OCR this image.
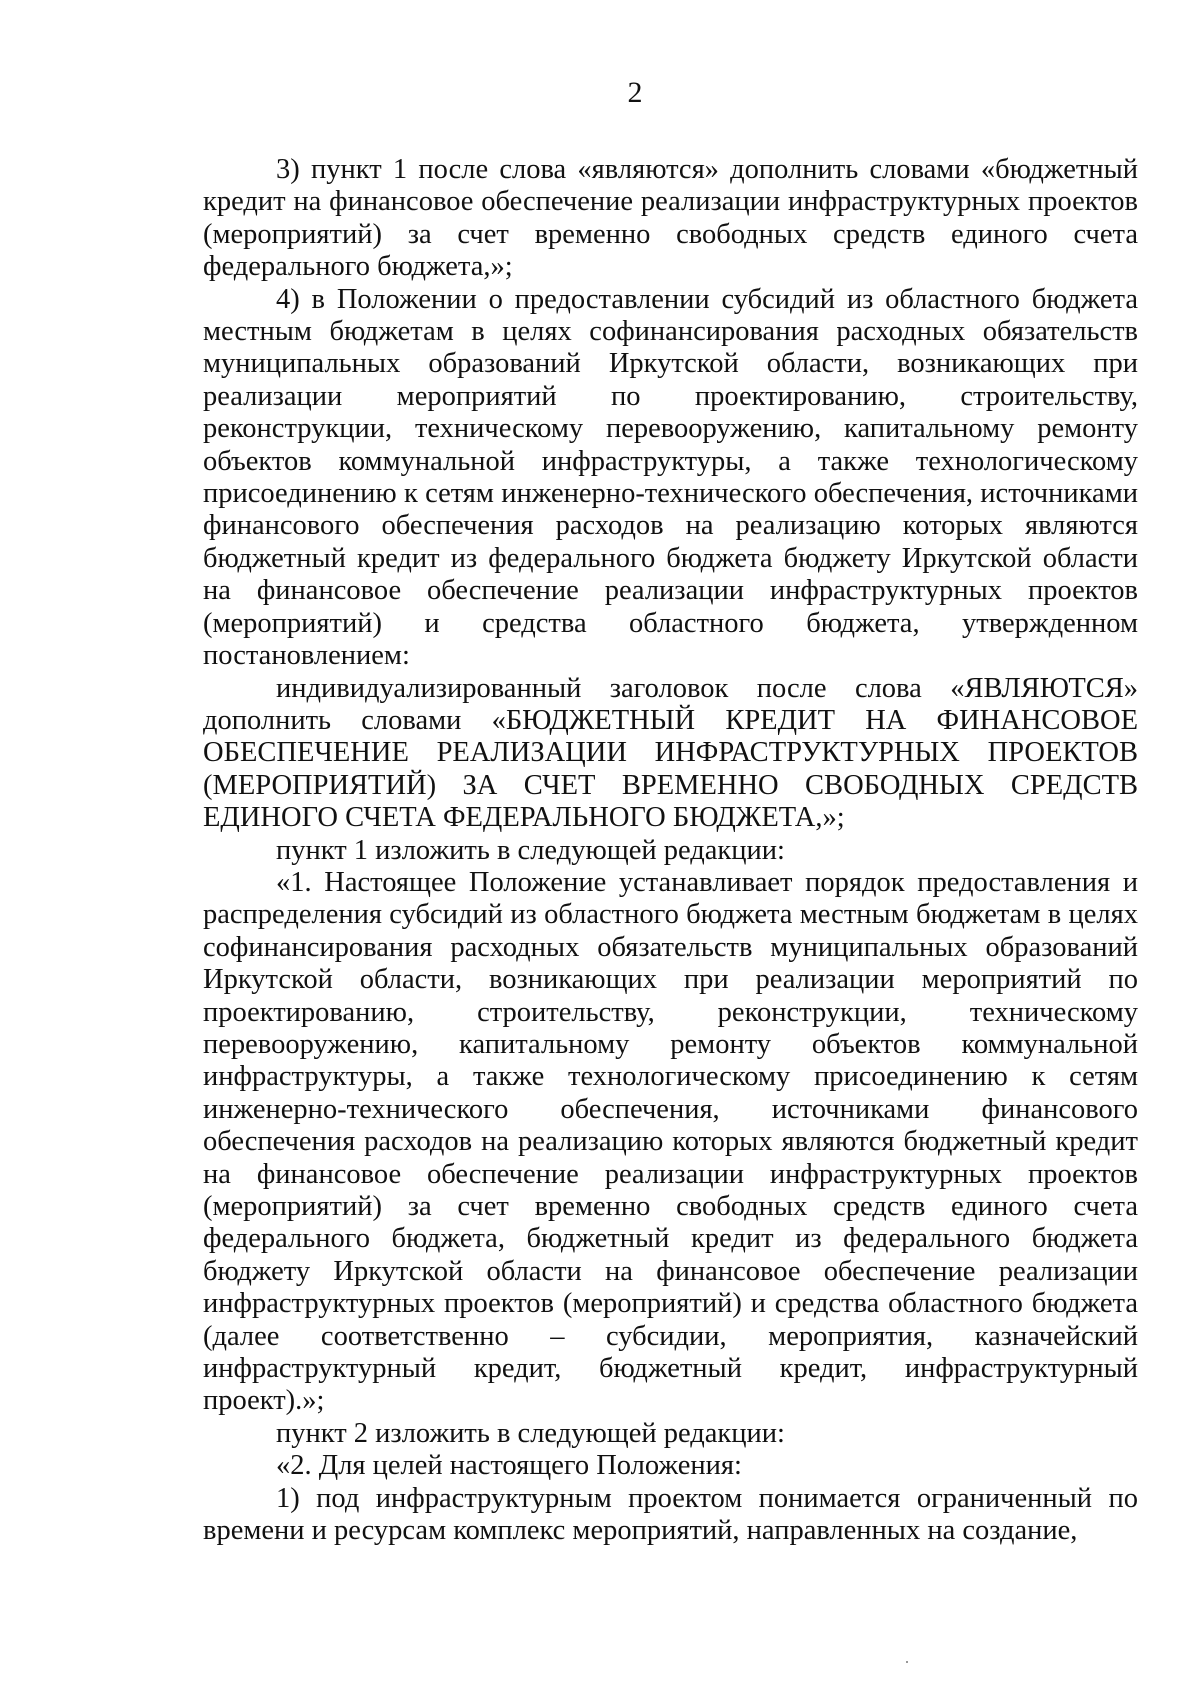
2

3) пункт 1 после слова «являются» дополнить словами «бюджетный кредит на финансовое обеспечение реализации инфраструктурных проектов (мероприятий) за счет временно свободных средств единого счета федерального бюджета,»;

4) в Положении о предоставлении субсидий из областного бюджета местным бюджетам в целях софинансирования расходных обязательств муниципальных образований Иркутской области, возникающих при реализации мероприятий по проектированию, строительству, реконструкции, техническому перевооружению, капитальному ремонту объектов коммунальной инфраструктуры, а также технологическому присоединению к сетям инженерно-технического обеспечения, источниками финансового обеспечения расходов на реализацию которых являются бюджетный кредит из федерального бюджета бюджету Иркутской области на финансовое обеспечение реализации инфраструктурных проектов (мероприятий) и средства областного бюджета, утвержденном постановлением:

индивидуализированный заголовок после слова «ЯВЛЯЮТСЯ» дополнить словами «БЮДЖЕТНЫЙ КРЕДИТ НА ФИНАНСОВОЕ ОБЕСПЕЧЕНИЕ РЕАЛИЗАЦИИ ИНФРАСТРУКТУРНЫХ ПРОЕКТОВ (МЕРОПРИЯТИЙ) ЗА СЧЕТ ВРЕМЕННО СВОБОДНЫХ СРЕДСТВ ЕДИНОГО СЧЕТА ФЕДЕРАЛЬНОГО БЮДЖЕТА,»;

пункт 1 изложить в следующей редакции:

«1. Настоящее Положение устанавливает порядок предоставления и распределения субсидий из областного бюджета местным бюджетам в целях софинансирования расходных обязательств муниципальных образований Иркутской области, возникающих при реализации мероприятий по проектированию, строительству, реконструкции, техническому перевооружению, капитальному ремонту объектов коммунальной инфраструктуры, а также технологическому присоединению к сетям инженерно-технического обеспечения, источниками финансового обеспечения расходов на реализацию которых являются бюджетный кредит на финансовое обеспечение реализации инфраструктурных проектов (мероприятий) за счет временно свободных средств единого счета федерального бюджета, бюджетный кредит из федерального бюджета бюджету Иркутской области на финансовое обеспечение реализации инфраструктурных проектов (мероприятий) и средства областного бюджета (далее соответственно – субсидии, мероприятия, казначейский инфраструктурный кредит, бюджетный кредит, инфраструктурный проект).»;

пункт 2 изложить в следующей редакции:

«2. Для целей настоящего Положения:

1) под инфраструктурным проектом понимается ограниченный по времени и ресурсам комплекс мероприятий, направленных на создание,
